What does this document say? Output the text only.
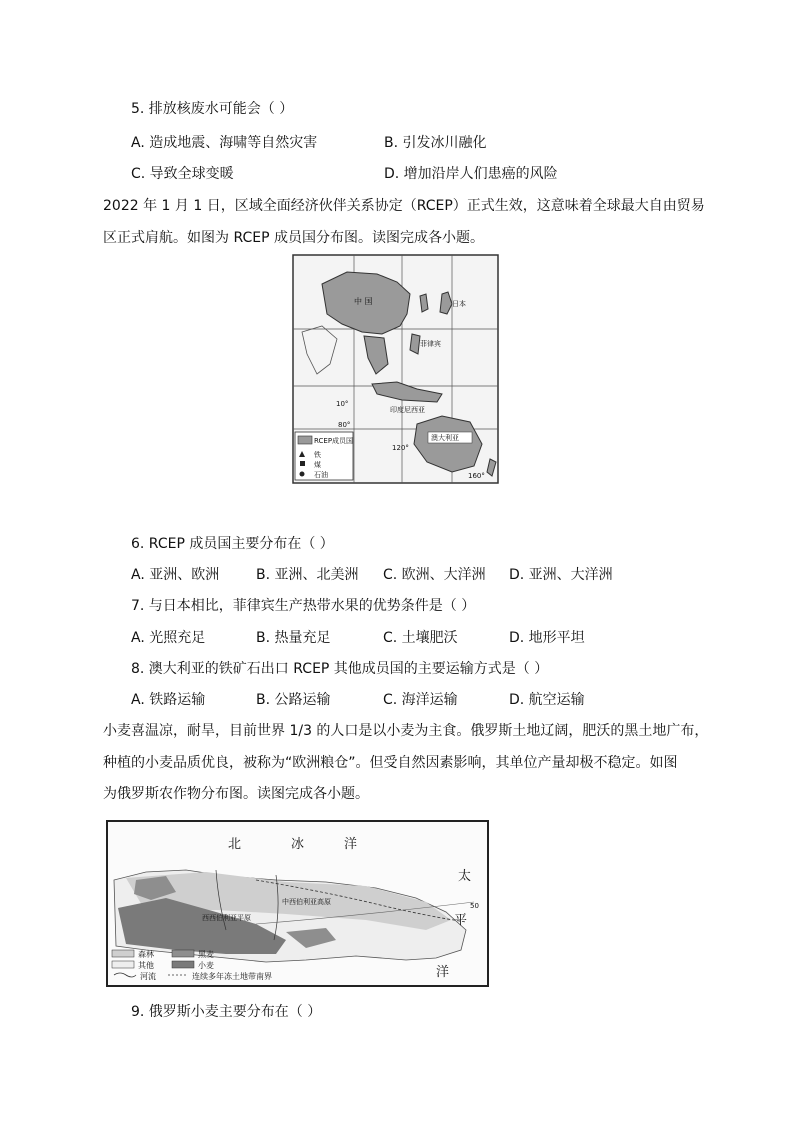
5. 排放核废水可能会（ ）
A. 造成地震、海啸等自然灾害	B. 引发冰川融化
C. 导致全球变暖	D. 增加沿岸人们患癌的风险
2022 年 1 月 1 日，区域全面经济伙伴关系协定（RCEP）正式生效，这意味着全球最大自由贸易
区正式肩航。如图为 RCEP 成员国分布图。读图完成各小题。
RCEP成员国
铁
煤
石油
中 国	日本
菲律宾
印度尼西亚
澳大利亚
10°
80°
120°
160°
6. RCEP 成员国主要分布在（ ）
A. 亚洲、欧洲	B. 亚洲、北美洲 C. 欧洲、大洋洲 D. 亚洲、大洋洲
7. 与日本相比，菲律宾生产热带水果的优势条件是（ ）
A. 光照充足	B. 热量充足	C. 土壤肥沃	D. 地形平坦
8. 澳大利亚的铁矿石出口 RCEP 其他成员国的主要运输方式是（ ）
A. 铁路运输	B. 公路运输	C. 海洋运输	D. 航空运输
小麦喜温凉，耐旱，目前世界 1/3 的人口是以小麦为主食。俄罗斯土地辽阔，肥沃的黑土地广布，
种植的小麦品质优良，被称为“欧洲粮仓”。但受自然因素影响，其单位产量却极不稳定。如图
为俄罗斯农作物分布图。读图完成各小题。
北	冰	洋
中西伯利亚高原
西西伯利亚平原
太
平
洋
50
森林	黑麦
其他	小麦
河流	连续多年冻土地带南界
9. 俄罗斯小麦主要分布在（ ）
